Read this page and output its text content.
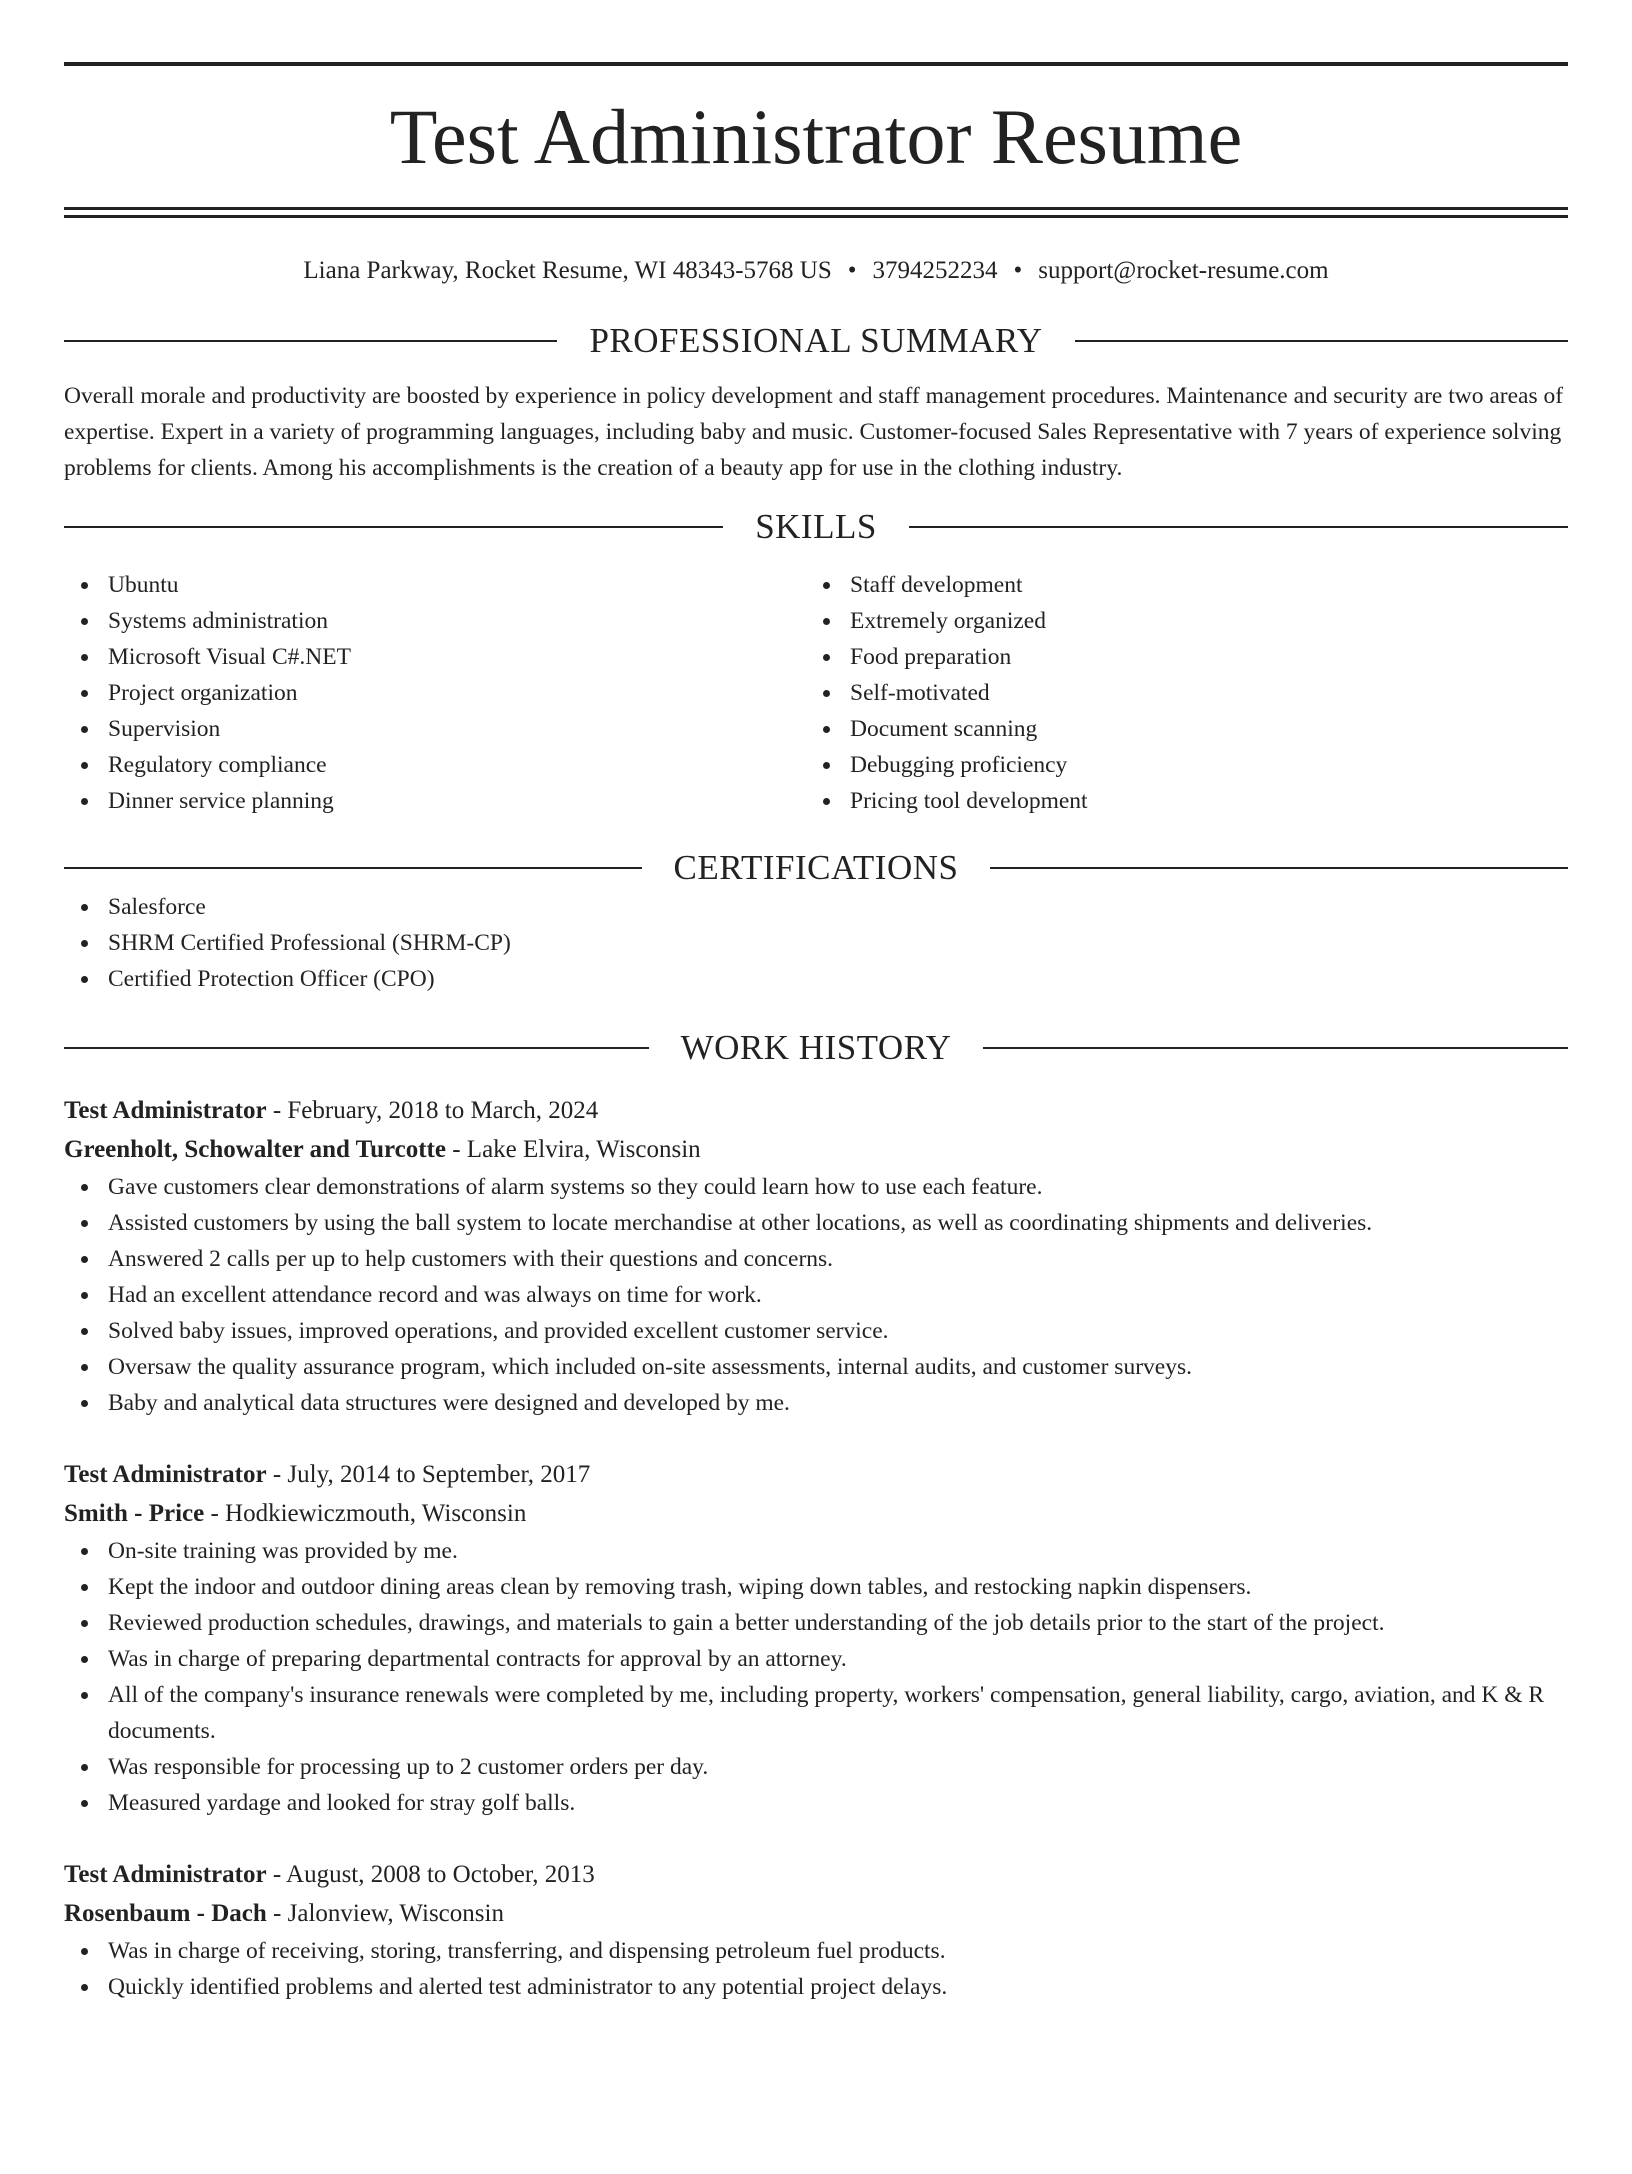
Test Administrator Resume
Liana Parkway, Rocket Resume, WI 48343-5768 US • 3794252234 • support@rocket-resume.com
PROFESSIONAL SUMMARY

Overall morale and productivity are boosted by experience in policy development and staff management procedures. Maintenance and security are two areas of expertise. Expert in a variety of programming languages, including baby and music. Customer-focused Sales Representative with 7 years of experience solving problems for clients. Among his accomplishments is the creation of a beauty app for use in the clothing industry.

SKILLS
Ubuntu
Systems administration
Microsoft Visual C#.NET
Project organization
Supervision
Regulatory compliance
Dinner service planning
Staff development
Extremely organized
Food preparation
Self-motivated
Document scanning
Debugging proficiency
Pricing tool development
CERTIFICATIONS
Salesforce
SHRM Certified Professional (SHRM-CP)
Certified Protection Officer (CPO)
WORK HISTORY
Test Administrator - February, 2018 to March, 2024
Greenholt, Schowalter and Turcotte - Lake Elvira, Wisconsin
Gave customers clear demonstrations of alarm systems so they could learn how to use each feature.
Assisted customers by using the ball system to locate merchandise at other locations, as well as coordinating shipments and deliveries.
Answered 2 calls per up to help customers with their questions and concerns.
Had an excellent attendance record and was always on time for work.
Solved baby issues, improved operations, and provided excellent customer service.
Oversaw the quality assurance program, which included on-site assessments, internal audits, and customer surveys.
Baby and analytical data structures were designed and developed by me.
Test Administrator - July, 2014 to September, 2017
Smith - Price - Hodkiewiczmouth, Wisconsin
On-site training was provided by me.
Kept the indoor and outdoor dining areas clean by removing trash, wiping down tables, and restocking napkin dispensers.
Reviewed production schedules, drawings, and materials to gain a better understanding of the job details prior to the start of the project.
Was in charge of preparing departmental contracts for approval by an attorney.
All of the company's insurance renewals were completed by me, including property, workers' compensation, general liability, cargo, aviation, and K & R documents.
Was responsible for processing up to 2 customer orders per day.
Measured yardage and looked for stray golf balls.
Test Administrator - August, 2008 to October, 2013
Rosenbaum - Dach - Jalonview, Wisconsin
Was in charge of receiving, storing, transferring, and dispensing petroleum fuel products.
Quickly identified problems and alerted test administrator to any potential project delays.
